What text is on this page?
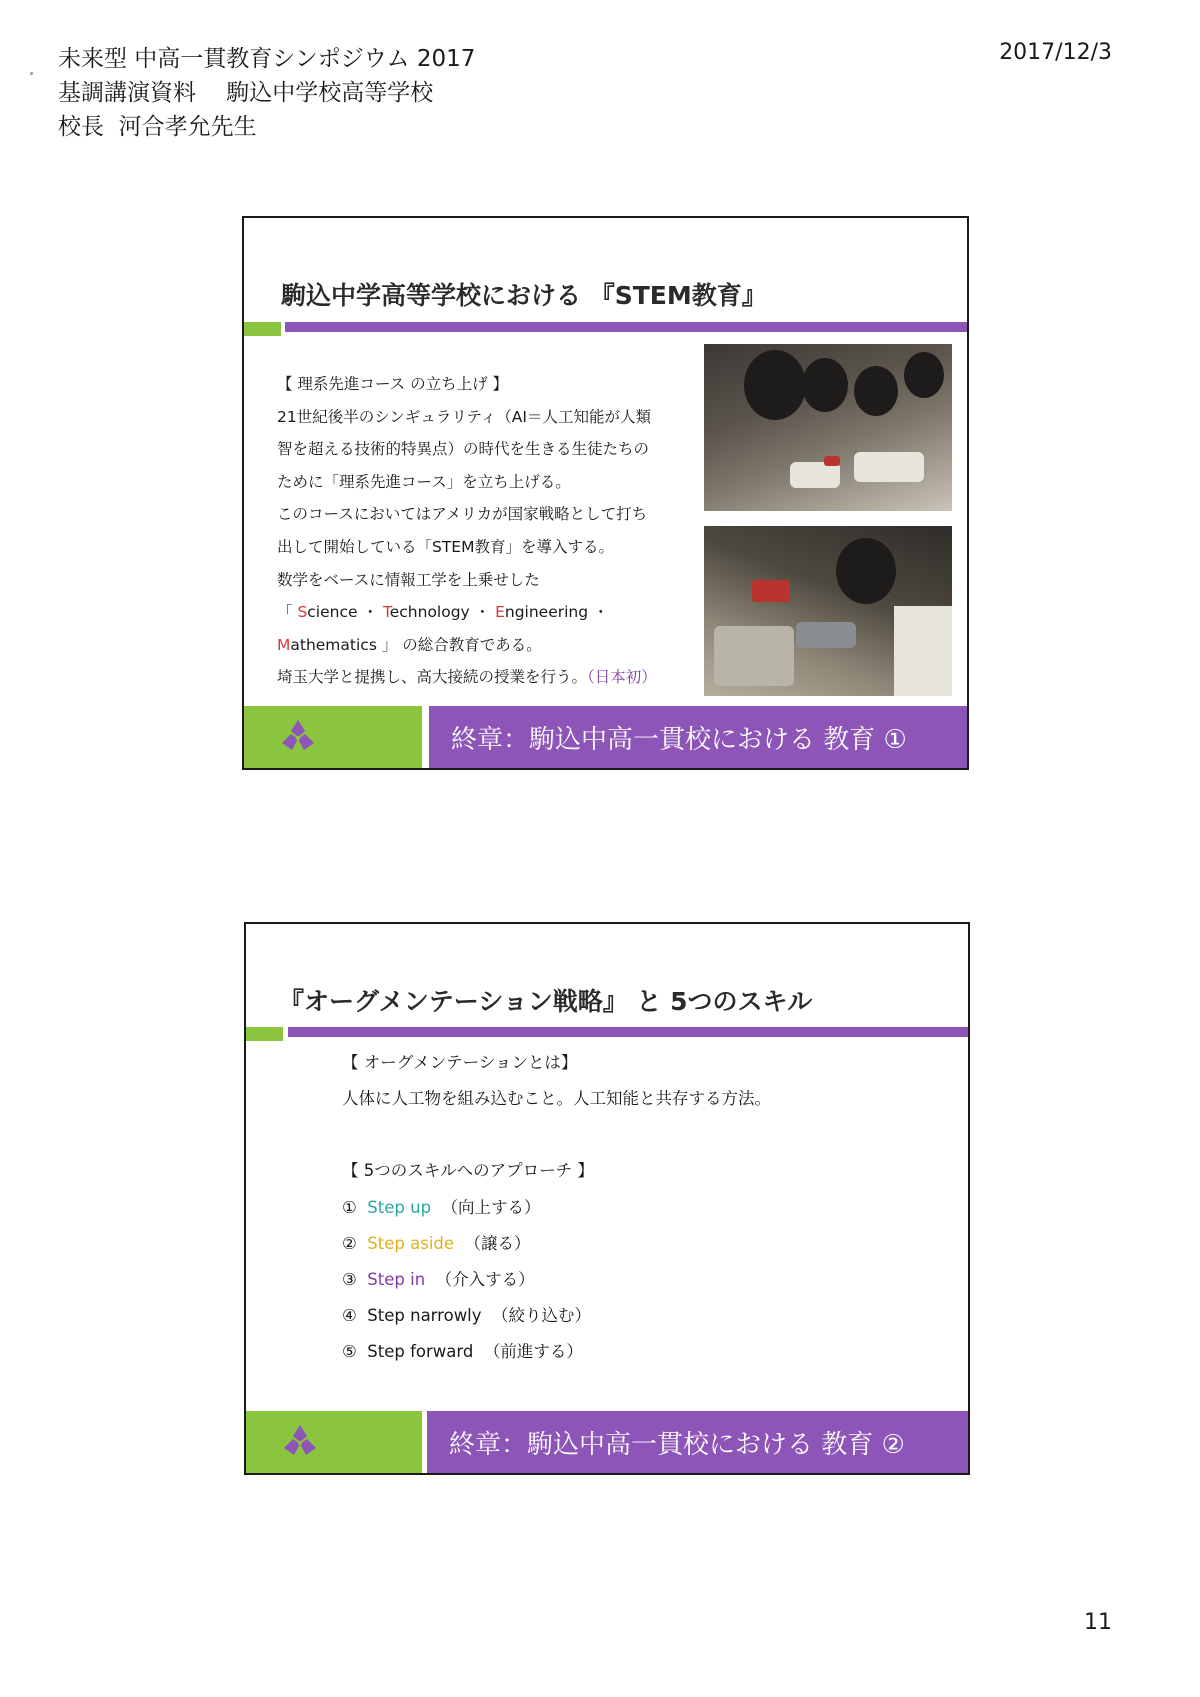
未来型 中高一貫教育シンポジウム 2017
基調講演資料　 駒込中学校高等学校
校長  河合孝允先生
2017/12/3
駒込中学高等学校における 『STEM教育』
【 理系先進コース の立ち上げ 】
21世紀後半のシンギュラリティ（AI＝人工知能が人類
智を超える技術的特異点）の時代を生きる生徒たちの
ために「理系先進コース」を立ち上げる。
このコースにおいてはアメリカが国家戦略として打ち
出して開始している「STEM教育」を導入する。
数学をベースに情報工学を上乗せした
「 Science ・ Technology ・ Engineering ・
Mathematics 」 の総合教育である。
埼玉大学と提携し、高大接続の授業を行う。（日本初）
終章：駒込中高一貫校における 教育 ①
『オーグメンテーション戦略』 と 5つのスキル
【 オーグメンテーションとは】
人体に人工物を組み込むこと。人工知能と共存する方法。
【 5つのスキルへのアプローチ 】
① Step up （向上する）
② Step aside （譲る）
③ Step in （介入する）
④ Step narrowly （絞り込む）
⑤ Step forward （前進する）
終章：駒込中高一貫校における 教育 ②
11
